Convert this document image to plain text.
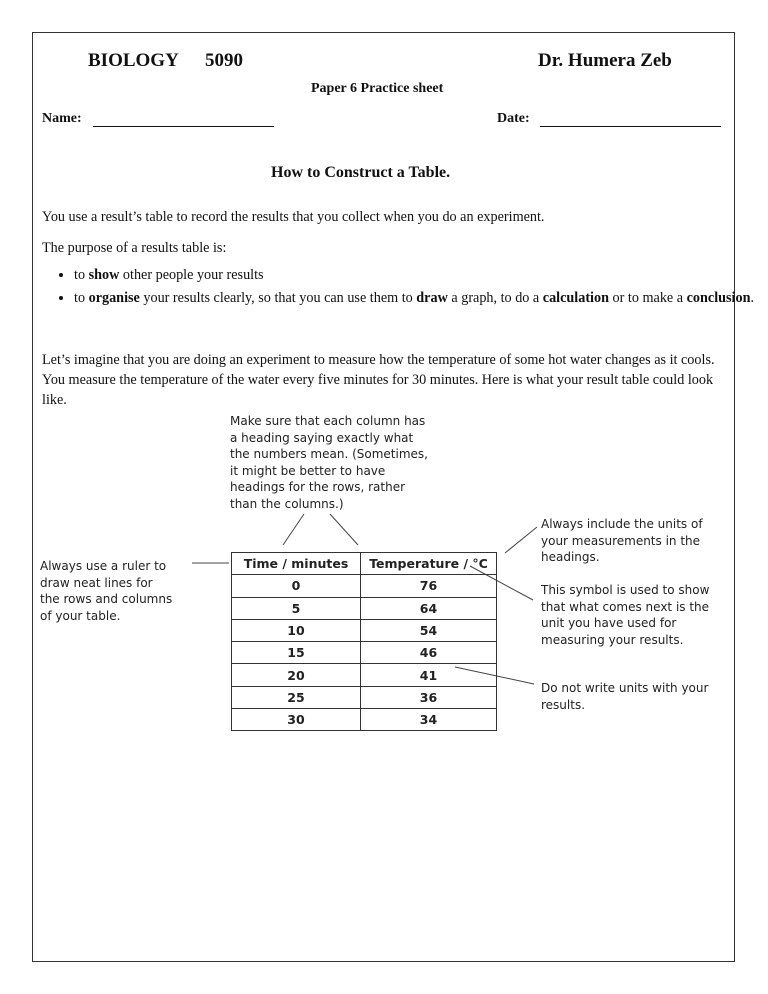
BIOLOGY 5090	Dr. Humera Zeb
Paper 6 Practice sheet
Name:	Date:
How to Construct a Table.
You use a result’s table to record the results that you collect when you do an experiment.
The purpose of a results table is:
• to show other people your results
• to organise your results clearly, so that you can use them to draw a graph, to do a calculation or to make a conclusion.
Let’s imagine that you are doing an experiment to measure how the temperature of some hot water changes as it cools. You measure the temperature of the water every five minutes for 30 minutes. Here is what your result table could look like.
Make sure that each column has a heading saying exactly what the numbers mean. (Sometimes, it might be better to have headings for the rows, rather than the columns.)
Always use a ruler to draw neat lines for the rows and columns of your table.
Always include the units of your measurements in the headings.
This symbol is used to show that what comes next is the unit you have used for measuring your results.
Do not write units with your results.
Time / minutes	Temperature / °C
0	76
5	64
10	54
15	46
20	41
25	36
30	34
